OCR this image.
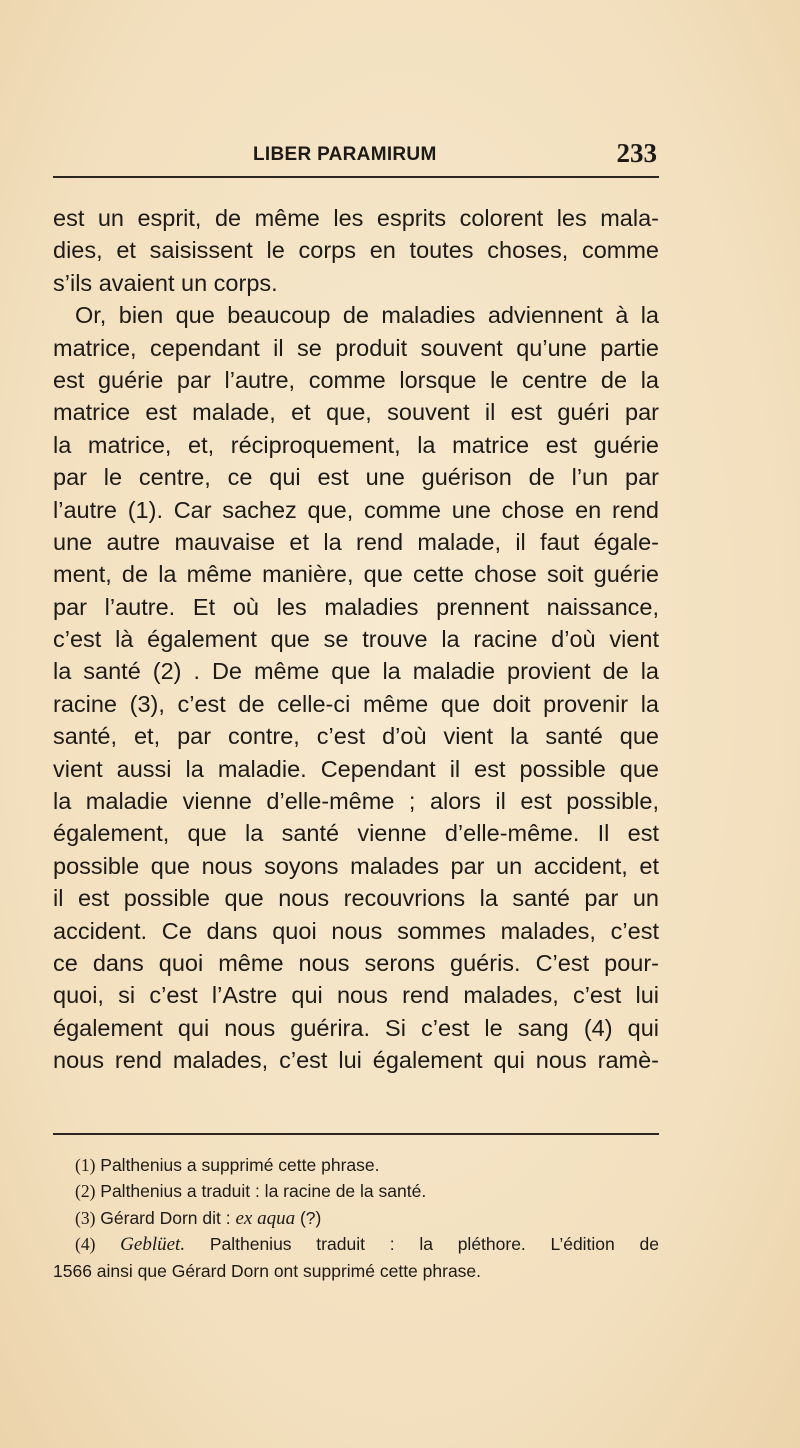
LIBER PARAMIRUM	233
est un esprit, de même les esprits colorent les mala-
dies, et saisissent le corps en toutes choses, comme
s’ils avaient un corps.
Or, bien que beaucoup de maladies adviennent à la
matrice, cependant il se produit souvent qu’une partie
est guérie par l’autre, comme lorsque le centre de la
matrice est malade, et que, souvent il est guéri par
la matrice, et, réciproquement, la matrice est guérie
par le centre, ce qui est une guérison de l’un par
l’autre (1). Car sachez que, comme une chose en rend
une autre mauvaise et la rend malade, il faut égale-
ment, de la même manière, que cette chose soit guérie
par l’autre. Et où les maladies prennent naissance,
c’est là également que se trouve la racine d’où vient
la santé (2) . De même que la maladie provient de la
racine (3), c’est de celle-ci même que doit provenir la
santé, et, par contre, c’est d’où vient la santé que
vient aussi la maladie. Cependant il est possible que
la maladie vienne d’elle-même ; alors il est possible,
également, que la santé vienne d’elle-même. Il est
possible que nous soyons malades par un accident, et
il est possible que nous recouvrions la santé par un
accident. Ce dans quoi nous sommes malades, c’est
ce dans quoi même nous serons guéris. C’est pour-
quoi, si c’est l’Astre qui nous rend malades, c’est lui
également qui nous guérira. Si c’est le sang (4) qui
nous rend malades, c’est lui également qui nous ramè-
(1) Palthenius a supprimé cette phrase.
(2) Palthenius a traduit : la racine de la santé.
(3) Gérard Dorn dit : ex aqua (?)
(4) Geblüet. Palthenius traduit : la pléthore. L’édition de
1566 ainsi que Gérard Dorn ont supprimé cette phrase.
